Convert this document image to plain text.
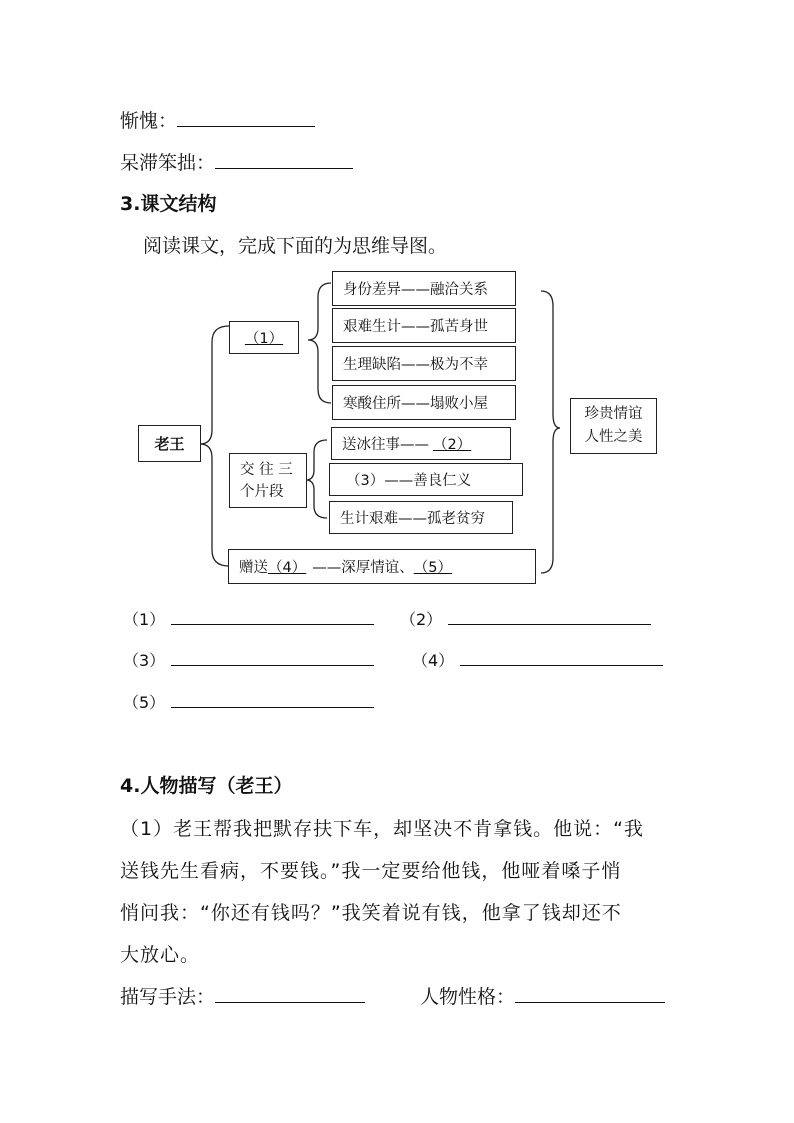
惭愧：
呆滞笨拙：
3.课文结构
阅读课文，完成下面的为思维导图。
老王
（1）
身份差异——融洽关系
艰难生计——孤苦身世
生理缺陷——极为不幸
寒酸住所——塌败小屋
交 往 三
个片段
送冰往事—— （2）
（3） ——善良仁义
生计艰难——孤老贫穷
赠送 （4） ——深厚情谊、 （5）
珍贵情谊
人性之美
（1）	（2）
（3）	（4）
（5）
4.人物描写（老王）
（1）老王帮我把默存扶下车，却坚决不肯拿钱。他说：“我
送钱先生看病，不要钱。”我一定要给他钱，他哑着嗓子悄
悄问我：“你还有钱吗？”我笑着说有钱，他拿了钱却还不
大放心。
描写手法：	人物性格：
